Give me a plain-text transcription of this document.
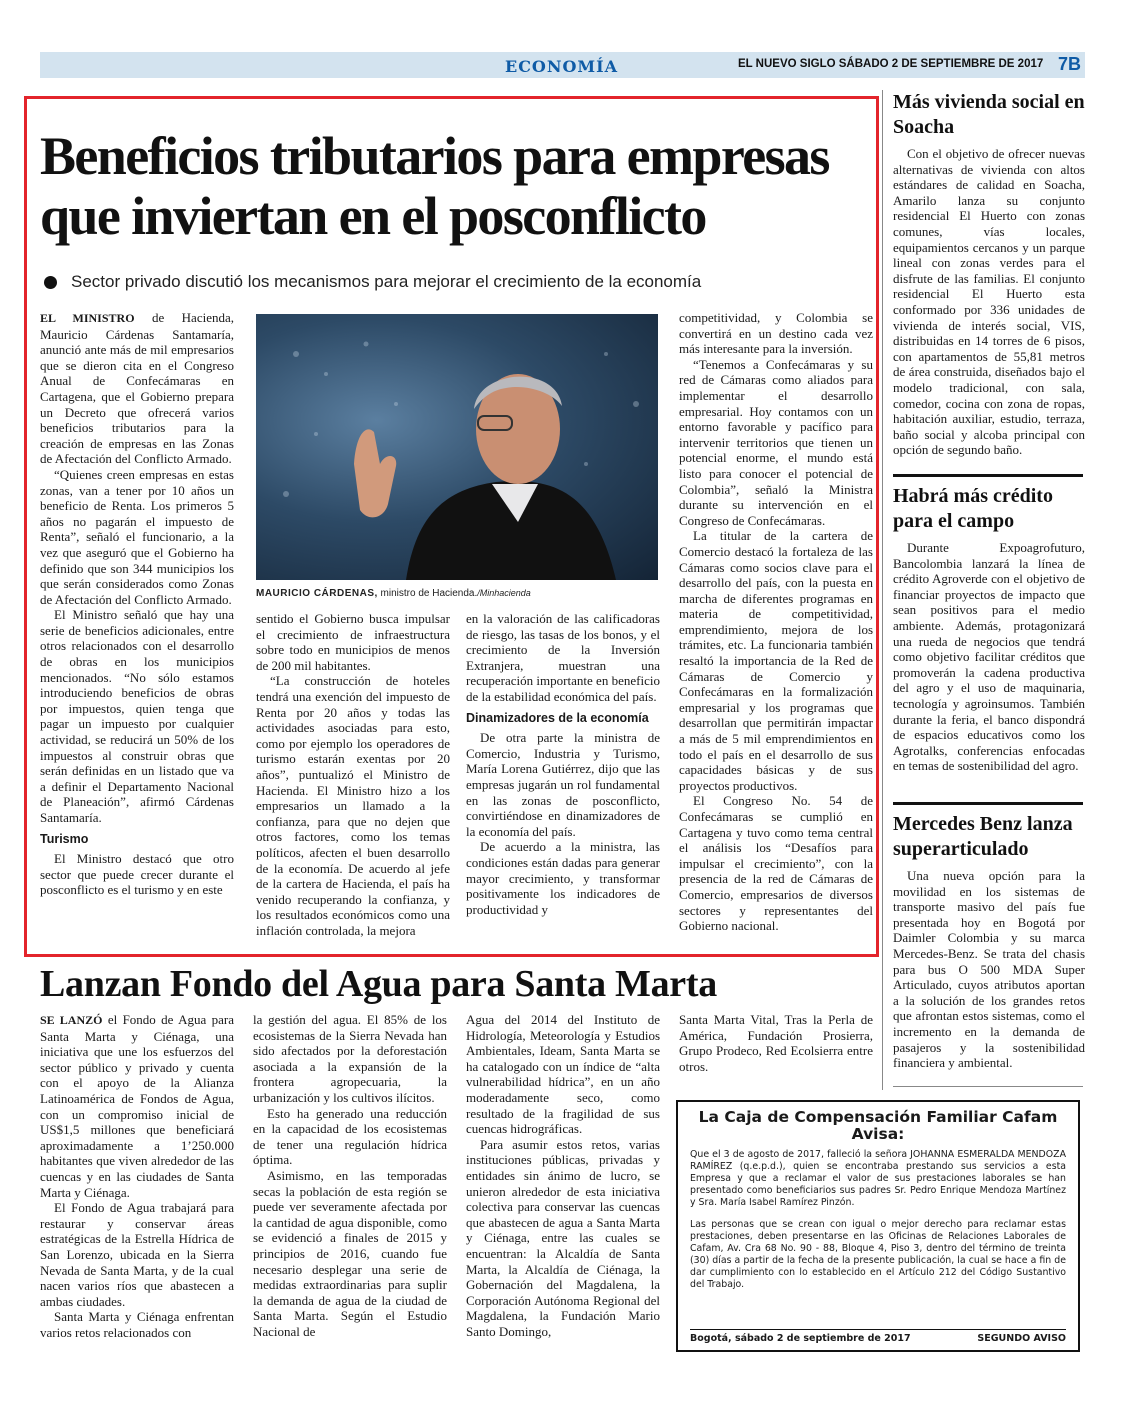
ECONOMÍA	EL NUEVO SIGLO SÁBADO 2 DE SEPTIEMBRE DE 2017 7B
Beneficios tributarios para empresas que inviertan en el posconflicto
Sector privado discutió los mecanismos para mejorar el crecimiento de la economía

EL MINISTRO de Hacienda, Mauricio Cárdenas Santamaría, anunció ante más de mil empresarios que se dieron cita en el Congreso Anual de Confecámaras en Cartagena, que el Gobierno prepara un Decreto que ofrecerá varios beneficios tributarios para la creación de empresas en las Zonas de Afectación del Conflicto Armado.

“Quienes creen empresas en estas zonas, van a tener por 10 años un beneficio de Renta. Los primeros 5 años no pagarán el impuesto de Renta”, señaló el funcionario, a la vez que aseguró que el Gobierno ha definido que son 344 municipios los que serán considerados como Zonas de Afectación del Conflicto Armado.

El Ministro señaló que hay una serie de beneficios adicionales, entre otros relacionados con el desarrollo de obras en los municipios mencionados. “No sólo estamos introduciendo beneficios de obras por impuestos, quien tenga que pagar un impuesto por cualquier actividad, se reducirá un 50% de los impuestos al construir obras que serán definidas en un listado que va a definir el Departamento Nacional de Planeación”, afirmó Cárdenas Santamaría.

Turismo

El Ministro destacó que otro sector que puede crecer durante el posconflicto es el turismo y en este

MAURICIO CÁRDENAS, ministro de Hacienda./Minhacienda

sentido el Gobierno busca impulsar el crecimiento de infraestructura sobre todo en municipios de menos de 200 mil habitantes.

“La construcción de hoteles tendrá una exención del impuesto de Renta por 20 años y todas las actividades asociadas para esto, como por ejemplo los operadores de turismo estarán exentas por 20 años”, puntualizó el Ministro de Hacienda. El Ministro hizo a los empresarios un llamado a la confianza, para que no dejen que otros factores, como los temas políticos, afecten el buen desarrollo de la economía. De acuerdo al jefe de la cartera de Hacienda, el país ha venido recuperando la confianza, y los resultados económicos como una inflación controlada, la mejora

en la valoración de las calificadoras de riesgo, las tasas de los bonos, y el crecimiento de la Inversión Extranjera, muestran una recuperación importante en beneficio de la estabilidad económica del país.

Dinamizadores de la economía

De otra parte la ministra de Comercio, Industria y Turismo, María Lorena Gutiérrez, dijo que las empresas jugarán un rol fundamental en las zonas de posconflicto, convirtiéndose en dinamizadores de la economía del país.

De acuerdo a la ministra, las condiciones están dadas para generar mayor crecimiento, y transformar positivamente los indicadores de productividad y

competitividad, y Colombia se convertirá en un destino cada vez más interesante para la inversión.

“Tenemos a Confecámaras y su red de Cámaras como aliados para implementar el desarrollo empresarial. Hoy contamos con un entorno favorable y pacífico para intervenir territorios que tienen un potencial enorme, el mundo está listo para conocer el potencial de Colombia”, señaló la Ministra durante su intervención en el Congreso de Confecámaras.

La titular de la cartera de Comercio destacó la fortaleza de las Cámaras como socios clave para el desarrollo del país, con la puesta en marcha de diferentes programas en materia de competitividad, emprendimiento, mejora de los trámites, etc. La funcionaria también resaltó la importancia de la Red de Cámaras de Comercio y Confecámaras en la formalización empresarial y los programas que desarrollan que permitirán impactar a más de 5 mil emprendimientos en todo el país en el desarrollo de sus capacidades básicas y de sus proyectos productivos.

El Congreso No. 54 de Confecámaras se cumplió en Cartagena y tuvo como tema central el análisis los “Desafíos para impulsar el crecimiento”, con la presencia de la red de Cámaras de Comercio, empresarios de diversos sectores y representantes del Gobierno nacional.

Lanzan Fondo del Agua para Santa Marta

SE LANZÓ el Fondo de Agua para Santa Marta y Ciénaga, una iniciativa que une los esfuerzos del sector público y privado y cuenta con el apoyo de la Alianza Latinoamérica de Fondos de Agua, con un compromiso inicial de US$1,5 millones que beneficiará aproximadamente a 1’250.000 habitantes que viven alrededor de las cuencas y en las ciudades de Santa Marta y Ciénaga.

El Fondo de Agua trabajará para restaurar y conservar áreas estratégicas de la Estrella Hídrica de San Lorenzo, ubicada en la Sierra Nevada de Santa Marta, y de la cual nacen varios ríos que abastecen a ambas ciudades.

Santa Marta y Ciénaga enfrentan varios retos relacionados con

la gestión del agua. El 85% de los ecosistemas de la Sierra Nevada han sido afectados por la deforestación asociada a la expansión de la frontera agropecuaria, la urbanización y los cultivos ilícitos.

Esto ha generado una reducción en la capacidad de los ecosistemas de tener una regulación hídrica óptima.

Asimismo, en las temporadas secas la población de esta región se puede ver severamente afectada por la cantidad de agua disponible, como se evidenció a finales de 2015 y principios de 2016, cuando fue necesario desplegar una serie de medidas extraordinarias para suplir la demanda de agua de la ciudad de Santa Marta. Según el Estudio Nacional de

Agua del 2014 del Instituto de Hidrología, Meteorología y Estudios Ambientales, Ideam, Santa Marta se ha catalogado con un índice de “alta vulnerabilidad hídrica”, en un año moderadamente seco, como resultado de la fragilidad de sus cuencas hidrográficas.

Para asumir estos retos, varias instituciones públicas, privadas y entidades sin ánimo de lucro, se unieron alrededor de esta iniciativa colectiva para conservar las cuencas que abastecen de agua a Santa Marta y Ciénaga, entre las cuales se encuentran: la Alcaldía de Santa Marta, la Alcaldía de Ciénaga, la Gobernación del Magdalena, la Corporación Autónoma Regional del Magdalena, la Fundación Mario Santo Domingo,

Santa Marta Vital, Tras la Perla de América, Fundación Prosierra, Grupo Prodeco, Red Ecolsierra entre otros.

Más vivienda social en Soacha

Con el objetivo de ofrecer nuevas alternativas de vivienda con altos estándares de calidad en Soacha, Amarilo lanza su conjunto residencial El Huerto con zonas comunes, vías locales, equipamientos cercanos y un parque lineal con zonas verdes para el disfrute de las familias. El conjunto residencial El Huerto esta conformado por 336 unidades de vivienda de interés social, VIS, distribuidas en 14 torres de 6 pisos, con apartamentos de 55,81 metros de área construida, diseñados bajo el modelo tradicional, con sala, comedor, cocina con zona de ropas, habitación auxiliar, estudio, terraza, baño social y alcoba principal con opción de segundo baño.

Habrá más crédito para el campo

Durante Expoagrofuturo, Bancolombia lanzará la línea de crédito Agroverde con el objetivo de financiar proyectos de impacto que sean positivos para el medio ambiente. Además, protagonizará una rueda de negocios que tendrá como objetivo facilitar créditos que promoverán la cadena productiva del agro y el uso de maquinaria, tecnología y agroinsumos. También durante la feria, el banco dispondrá de espacios educativos como los Agrotalks, conferencias enfocadas en temas de sostenibilidad del agro.

Mercedes Benz lanza superarticulado

Una nueva opción para la movilidad en los sistemas de transporte masivo del país fue presentada hoy en Bogotá por Daimler Colombia y su marca Mercedes-Benz. Se trata del chasis para bus O 500 MDA Super Articulado, cuyos atributos aportan a la solución de los grandes retos que afrontan estos sistemas, como el incremento en la demanda de pasajeros y la sostenibilidad financiera y ambiental.

La Caja de Compensación Familiar Cafam
Avisa:

Que el 3 de agosto de 2017, falleció la señora JOHANNA ESMERALDA MENDOZA RAMÍREZ (q.e.p.d.), quien se encontraba prestando sus servicios a esta Empresa y que a reclamar el valor de sus prestaciones laborales se han presentado como beneficiarios sus padres Sr. Pedro Enrique Mendoza Martínez y Sra. María Isabel Ramírez Pinzón.

Las personas que se crean con igual o mejor derecho para reclamar estas prestaciones, deben presentarse en las Oficinas de Relaciones Laborales de Cafam, Av. Cra 68 No. 90 - 88, Bloque 4, Piso 3, dentro del término de treinta (30) días a partir de la fecha de la presente publicación, la cual se hace a fin de dar cumplimiento con lo establecido en el Artículo 212 del Código Sustantivo del Trabajo.

Bogotá, sábado 2 de septiembre de 2017	SEGUNDO AVISO
